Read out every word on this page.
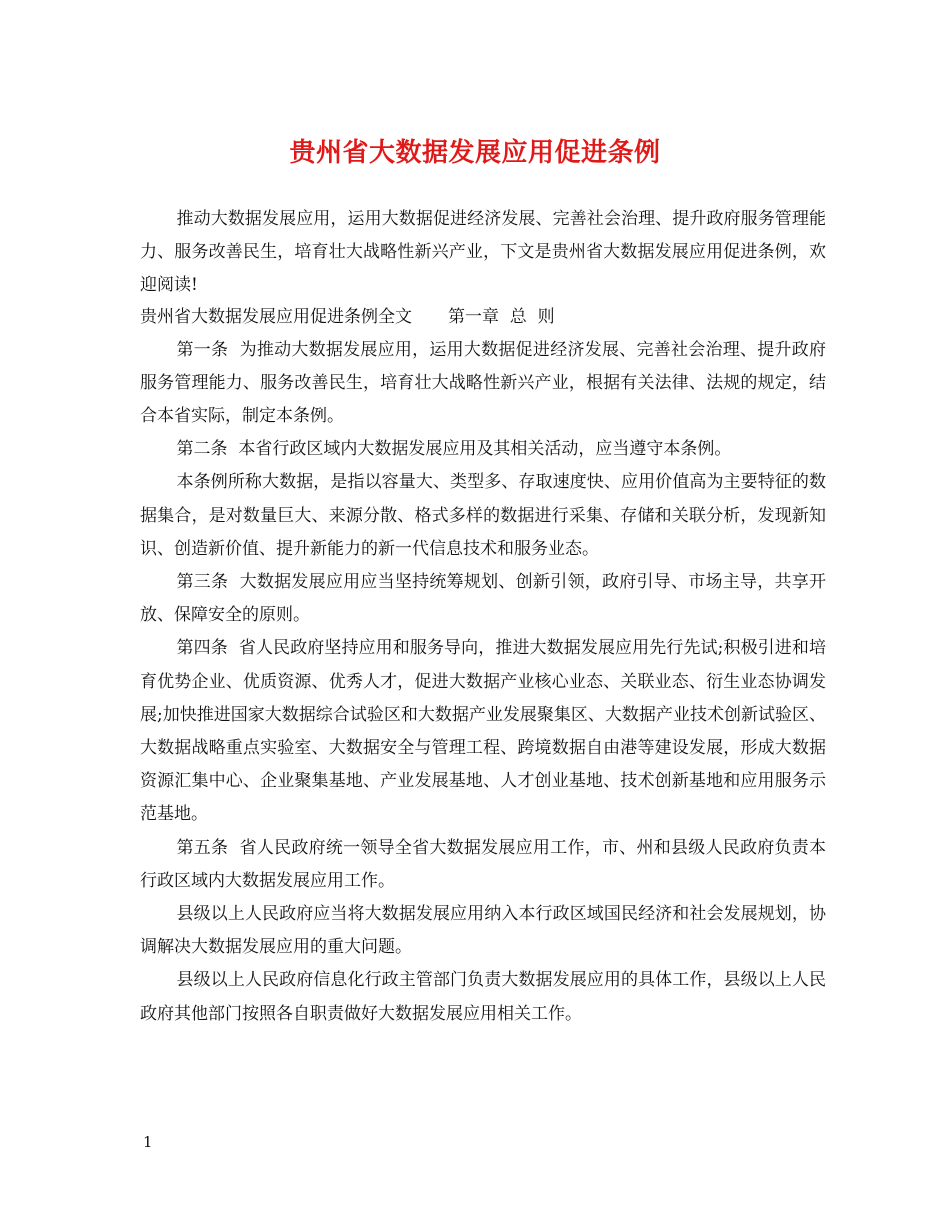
贵州省大数据发展应用促进条例

推动大数据发展应用，运用大数据促进经济发展、完善社会治理、提升政府服务管理能力、服务改善民生，培育壮大战略性新兴产业，下文是贵州省大数据发展应用促进条例，欢迎阅读!

贵州省大数据发展应用促进条例全文 第一章  总  则

第一条  为推动大数据发展应用，运用大数据促进经济发展、完善社会治理、提升政府服务管理能力、服务改善民生，培育壮大战略性新兴产业，根据有关法律、法规的规定，结合本省实际，制定本条例。

第二条  本省行政区域内大数据发展应用及其相关活动，应当遵守本条例。

本条例所称大数据，是指以容量大、类型多、存取速度快、应用价值高为主要特征的数据集合，是对数量巨大、来源分散、格式多样的数据进行采集、存储和关联分析，发现新知识、创造新价值、提升新能力的新一代信息技术和服务业态。

第三条  大数据发展应用应当坚持统筹规划、创新引领，政府引导、市场主导，共享开放、保障安全的原则。

第四条  省人民政府坚持应用和服务导向，推进大数据发展应用先行先试;积极引进和培育优势企业、优质资源、优秀人才，促进大数据产业核心业态、关联业态、衍生业态协调发展;加快推进国家大数据综合试验区和大数据产业发展聚集区、大数据产业技术创新试验区、大数据战略重点实验室、大数据安全与管理工程、跨境数据自由港等建设发展，形成大数据资源汇集中心、企业聚集基地、产业发展基地、人才创业基地、技术创新基地和应用服务示范基地。

第五条  省人民政府统一领导全省大数据发展应用工作，市、州和县级人民政府负责本行政区域内大数据发展应用工作。

县级以上人民政府应当将大数据发展应用纳入本行政区域国民经济和社会发展规划，协调解决大数据发展应用的重大问题。

县级以上人民政府信息化行政主管部门负责大数据发展应用的具体工作，县级以上人民政府其他部门按照各自职责做好大数据发展应用相关工作。

1
